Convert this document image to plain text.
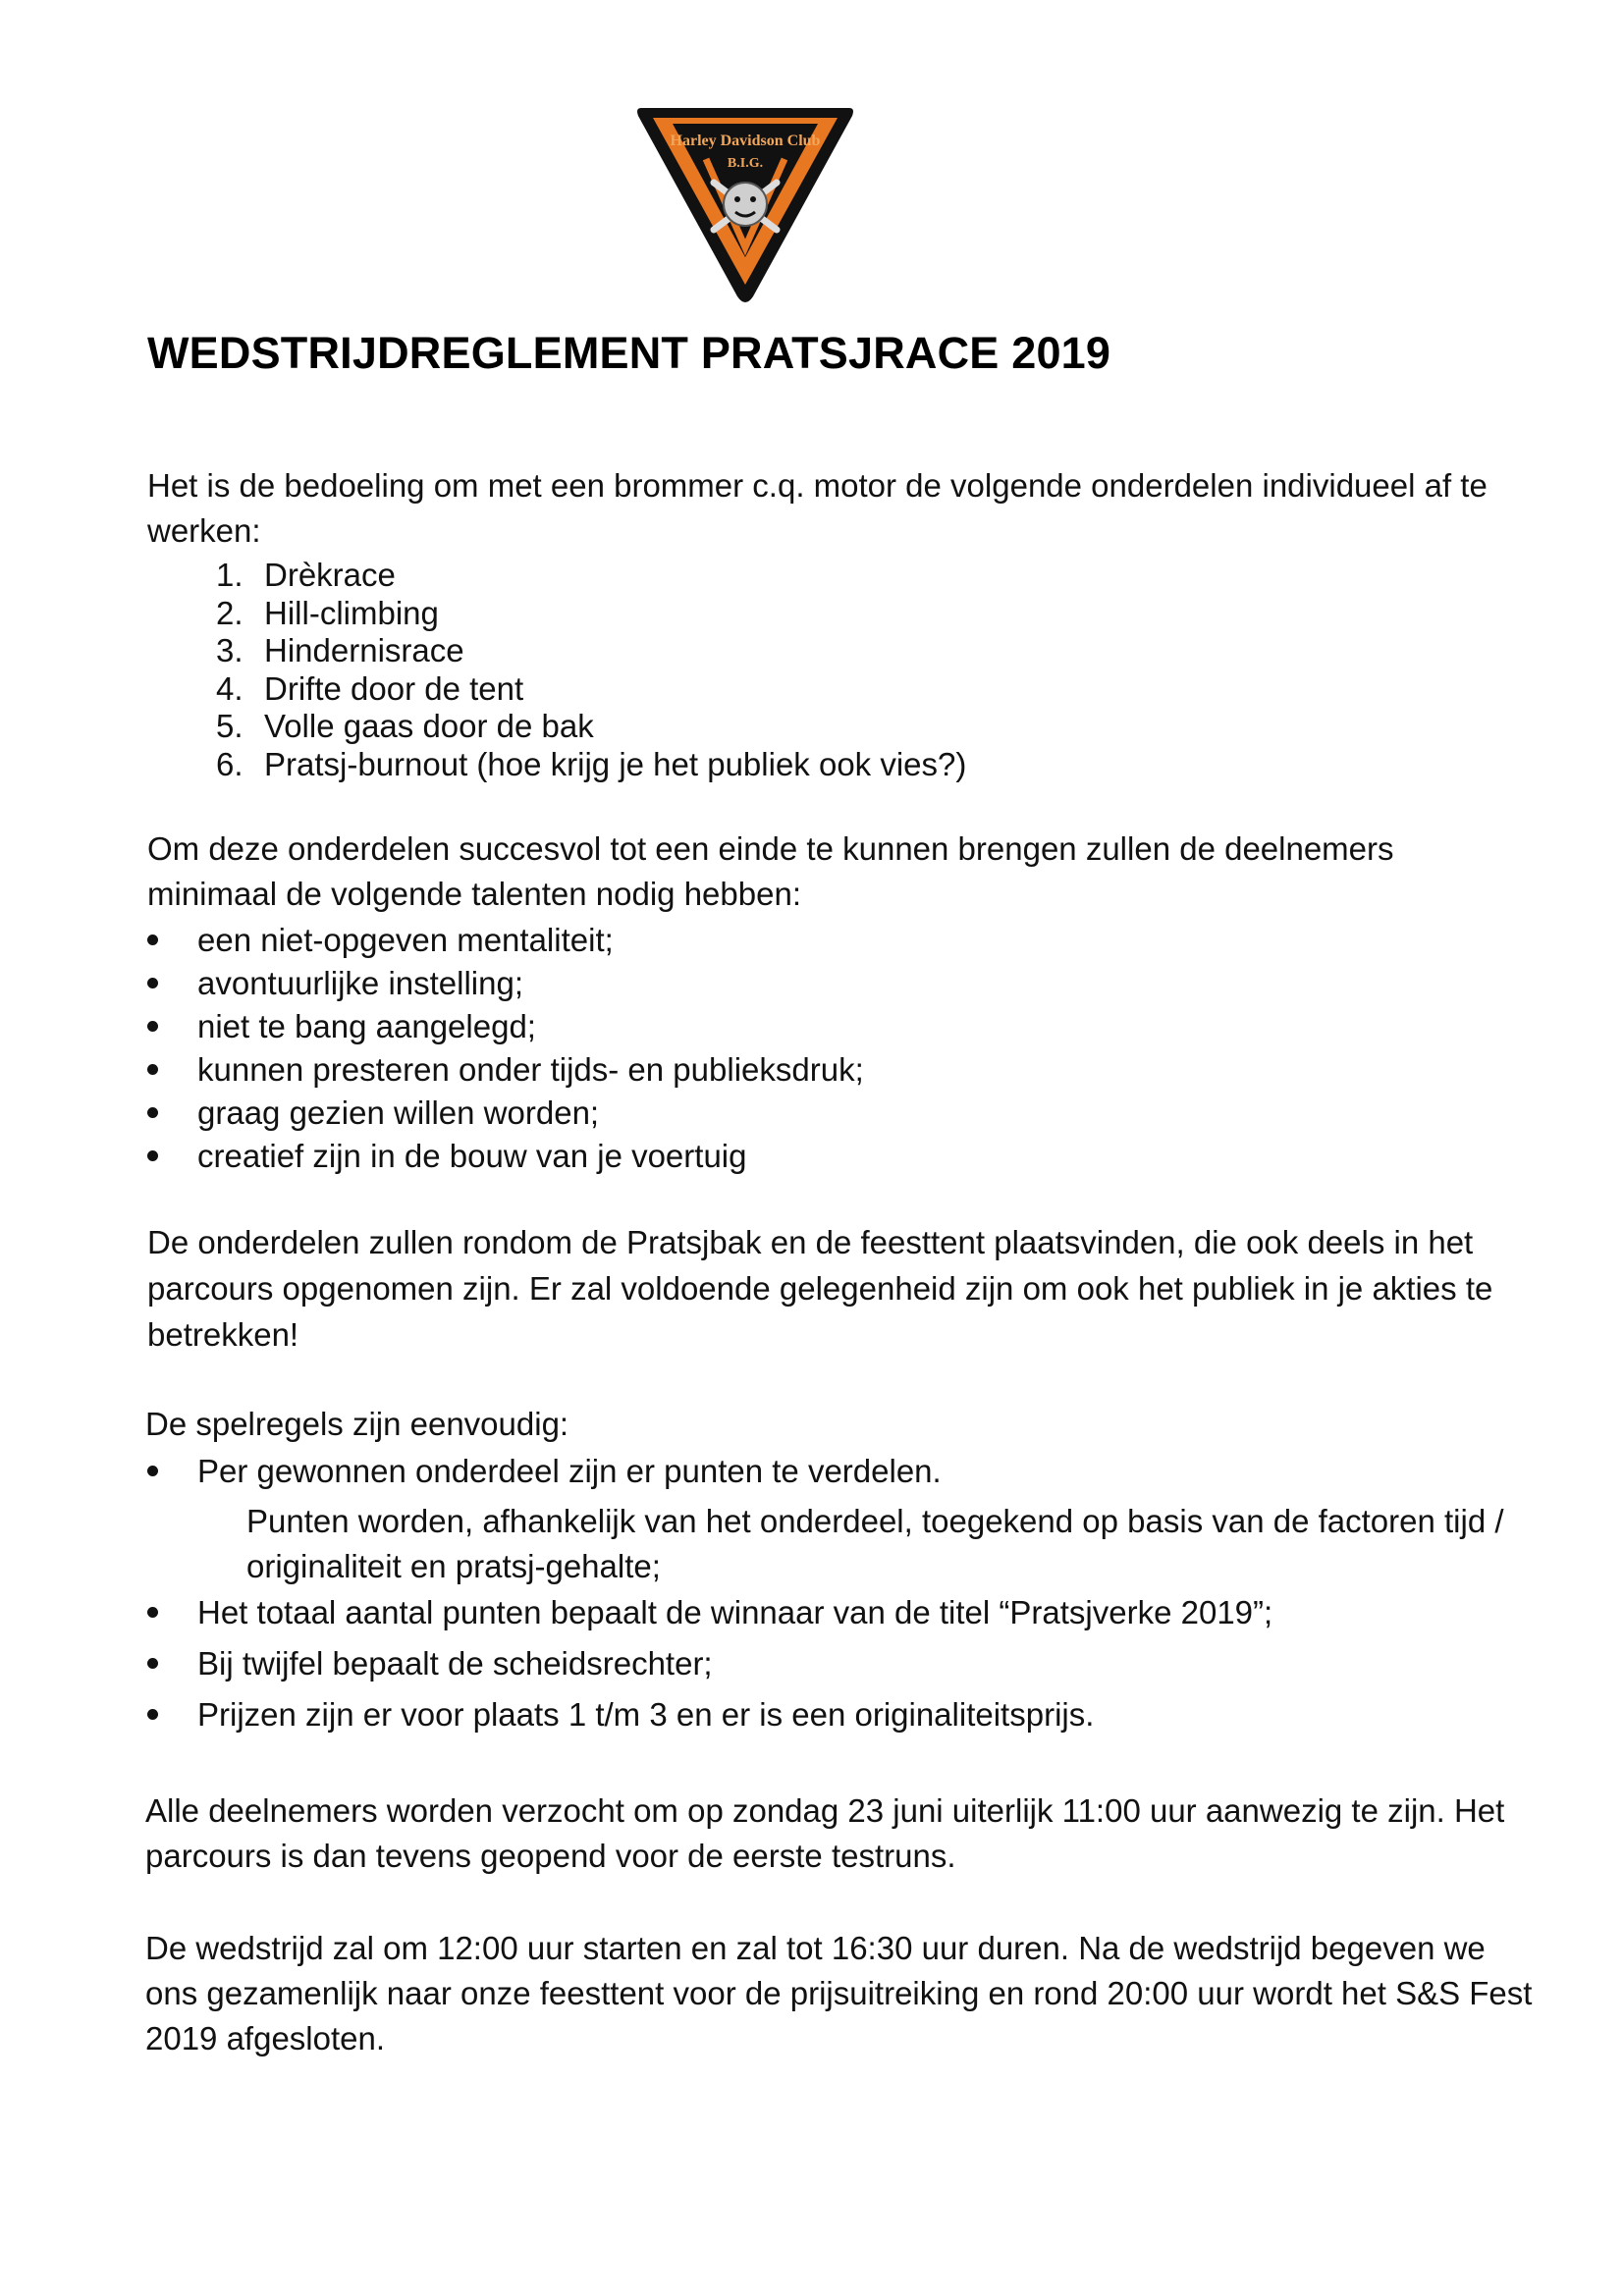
Harley Davidson Club
B.I.G.
WEDSTRIJDREGLEMENT PRATSJRACE 2019

Het is de bedoeling om met een brommer c.q. motor de volgende onderdelen individueel af te werken:

1. Drèkrace
2. Hill-climbing
3. Hindernisrace
4. Drifte door de tent
5. Volle gaas door de bak
6. Pratsj-burnout (hoe krijg je het publiek ook vies?)

Om deze onderdelen succesvol tot een einde te kunnen brengen zullen de deelnemers minimaal de volgende talenten nodig hebben:

een niet-opgeven mentaliteit;
avontuurlijke instelling;
niet te bang aangelegd;
kunnen presteren onder tijds- en publieksdruk;
graag gezien willen worden;
creatief zijn in de bouw van je voertuig

De onderdelen zullen rondom de Pratsjbak en de feesttent plaatsvinden, die ook deels in het parcours opgenomen zijn. Er zal voldoende gelegenheid zijn om ook het publiek in je akties te betrekken!

De spelregels zijn eenvoudig:

Per gewonnen onderdeel zijn er punten te verdelen.

Punten worden, afhankelijk van het onderdeel, toegekend op basis van de factoren tijd / originaliteit en pratsj-gehalte;

Het totaal aantal punten bepaalt de winnaar van de titel “Pratsjverke 2019”;
Bij twijfel bepaalt de scheidsrechter;
Prijzen zijn er voor plaats 1 t/m 3 en er is een originaliteitsprijs.

Alle deelnemers worden verzocht om op zondag 23 juni uiterlijk 11:00 uur aanwezig te zijn. Het parcours is dan tevens geopend voor de eerste testruns.

De wedstrijd zal om 12:00 uur starten en zal tot 16:30 uur duren. Na de wedstrijd begeven we ons gezamenlijk naar onze feesttent voor de prijsuitreiking en rond 20:00 uur wordt het S&S Fest 2019 afgesloten.
